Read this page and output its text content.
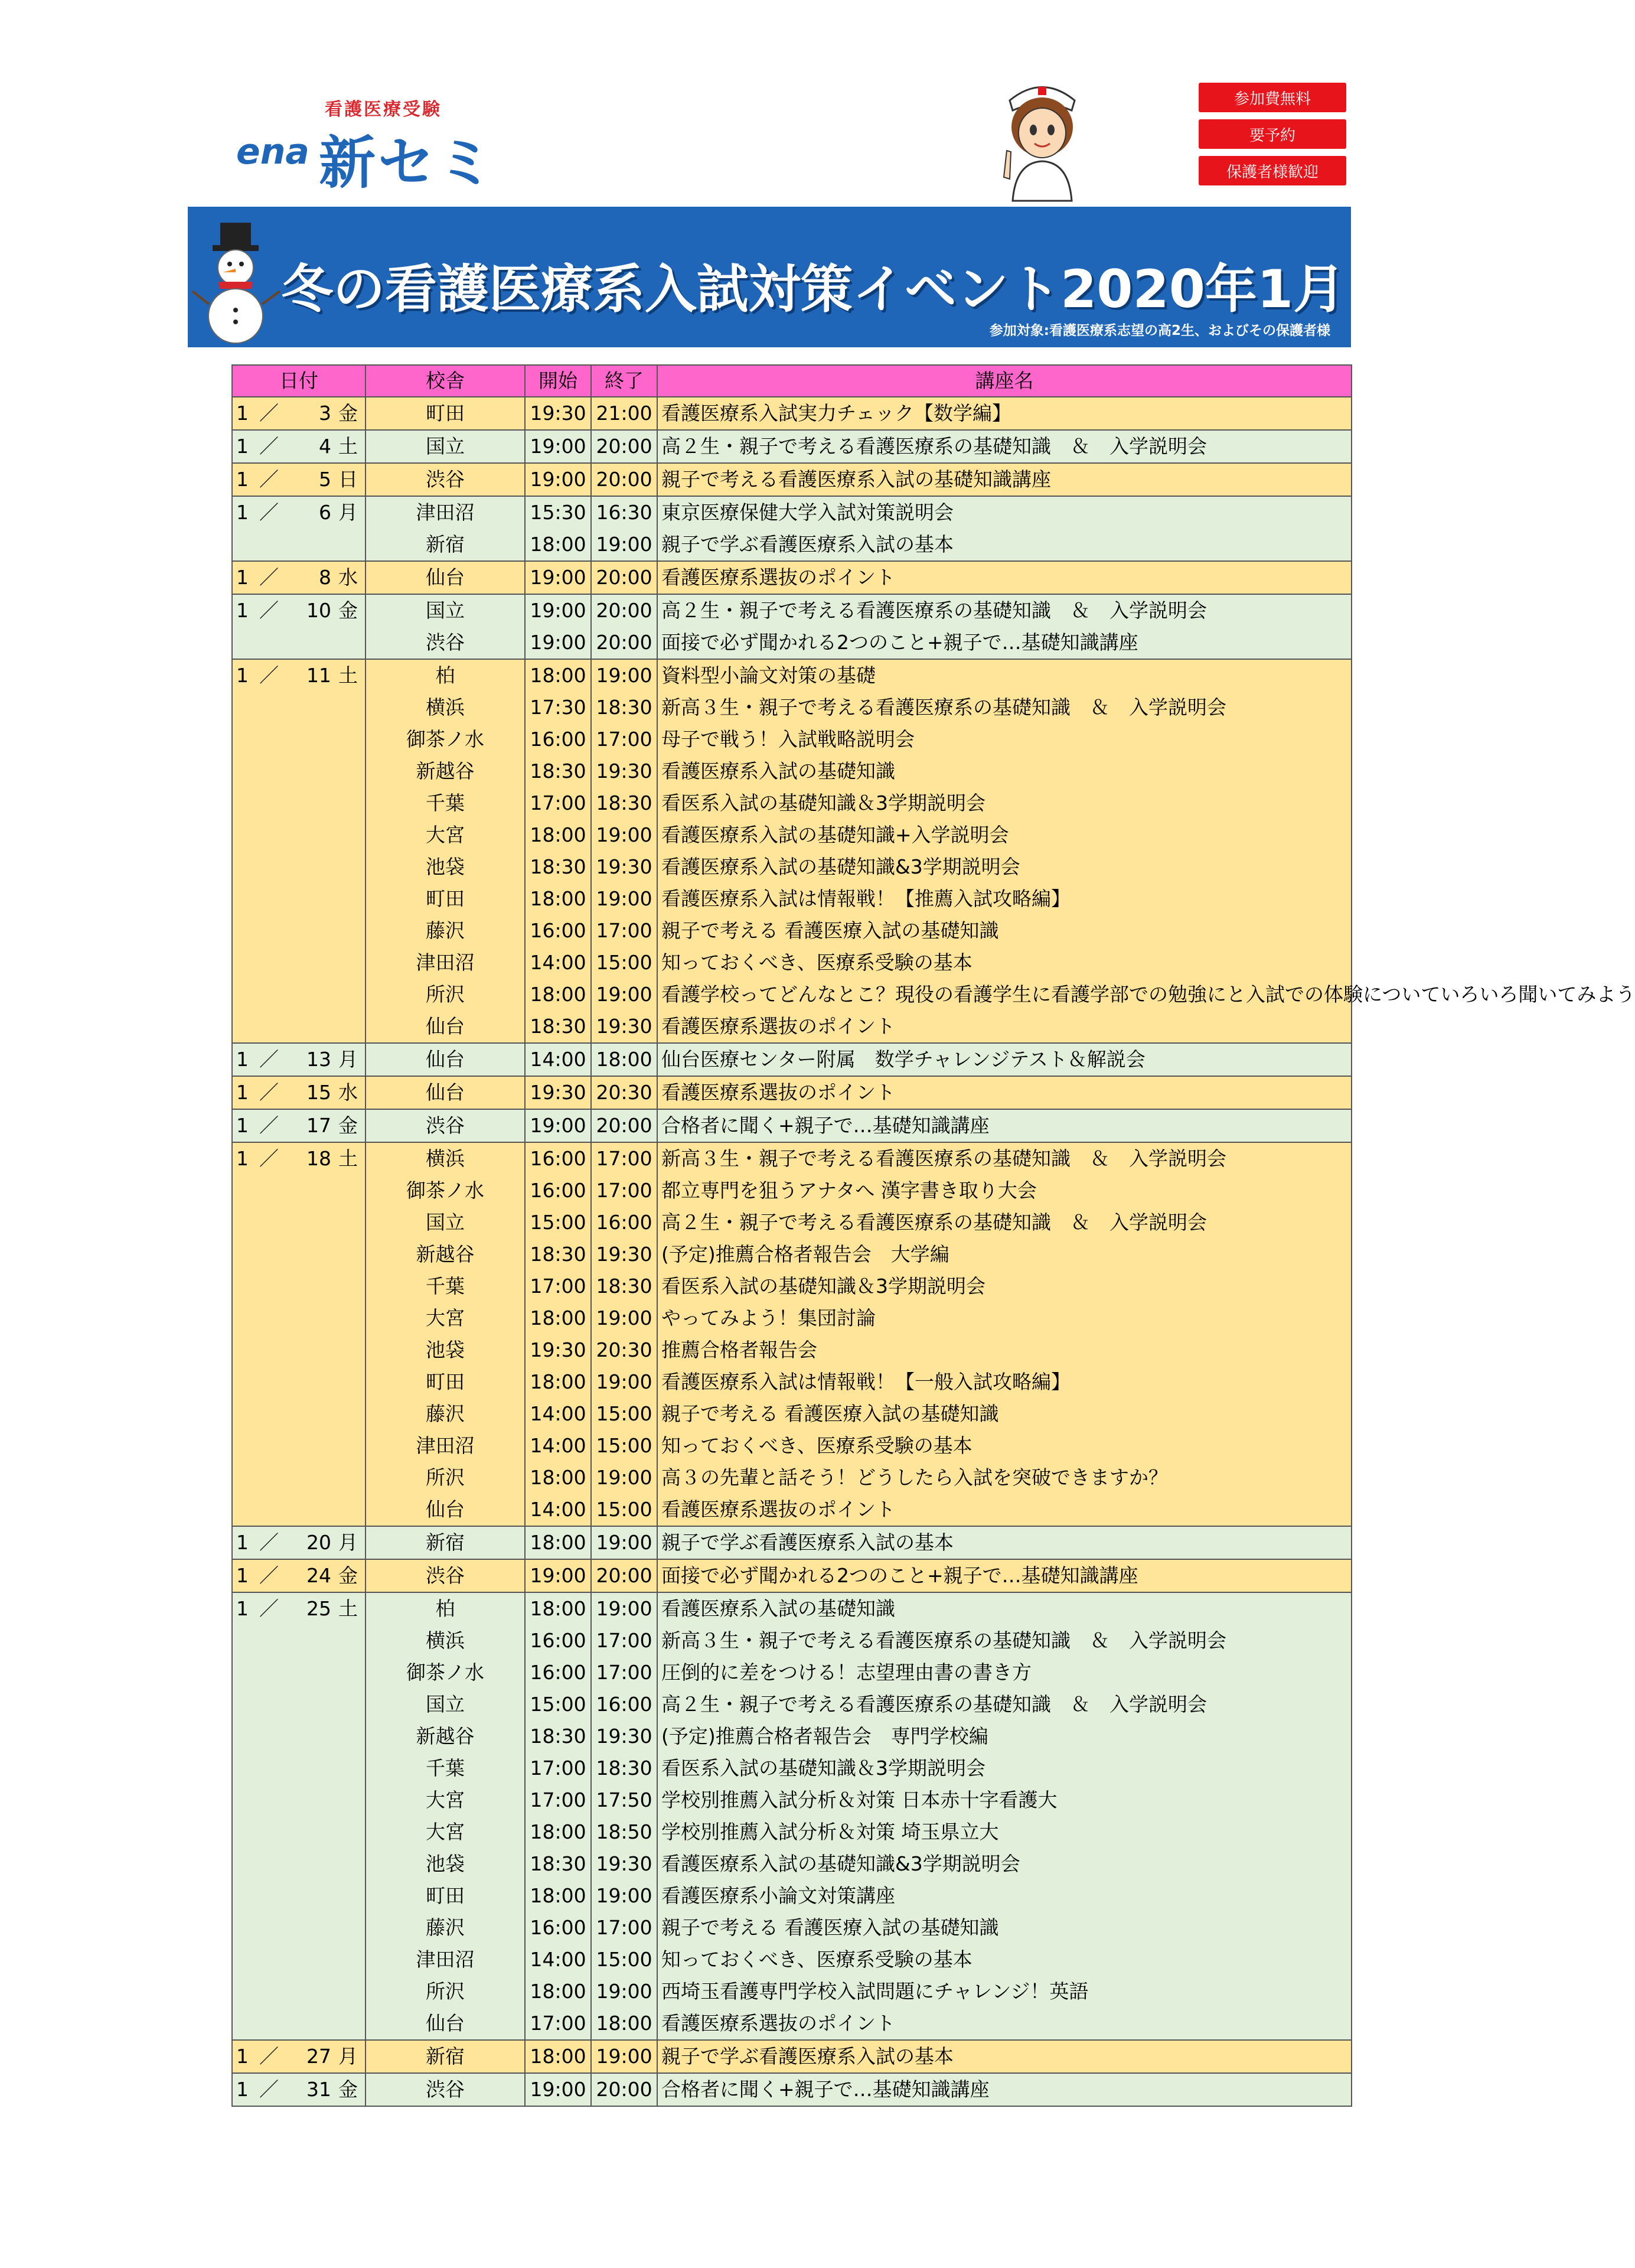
看護医療受験
ena 新セミ
参加費無料
要予約
保護者様歓迎
冬の看護医療系入試対策イベント2020年1月
参加対象:看護医療系志望の高2生、およびその保護者様
日付			校舎	開始	終了	講座名
1 ／	3	金	町田	19:30	21:00	看護医療系入試実力チェック【数学編】
1 ／	4	土	国立	19:00	20:00	高２生・親子で考える看護医療系の基礎知識　＆　入学説明会
1 ／	5	日	渋谷	19:00	20:00	親子で考える看護医療系入試の基礎知識講座
1 ／	6	月	津田沼	15:30	16:30	東京医療保健大学入試対策説明会
			新宿	18:00	19:00	親子で学ぶ看護医療系入試の基本
1 ／	8	水	仙台	19:00	20:00	看護医療系選抜のポイント
1 ／	10	金	国立	19:00	20:00	高２生・親子で考える看護医療系の基礎知識　＆　入学説明会
			渋谷	19:00	20:00	面接で必ず聞かれる2つのこと+親子で…基礎知識講座
1 ／	11	土	柏	18:00	19:00	資料型小論文対策の基礎
			横浜	17:30	18:30	新高３生・親子で考える看護医療系の基礎知識　＆　入学説明会
			御茶ノ水	16:00	17:00	母子で戦う！入試戦略説明会
			新越谷	18:30	19:30	看護医療系入試の基礎知識
			千葉	17:00	18:30	看医系入試の基礎知識＆3学期説明会
			大宮	18:00	19:00	看護医療系入試の基礎知識+入学説明会
			池袋	18:30	19:30	看護医療系入試の基礎知識&3学期説明会
			町田	18:00	19:00	看護医療系入試は情報戦！【推薦入試攻略編】
			藤沢	16:00	17:00	親子で考える 看護医療入試の基礎知識
			津田沼	14:00	15:00	知っておくべき、医療系受験の基本
			所沢	18:00	19:00	看護学校ってどんなとこ？現役の看護学生に看護学部での勉強にと入試での体験についていろいろ聞いてみよう
			仙台	18:30	19:30	看護医療系選抜のポイント
1 ／	13	月	仙台	14:00	18:00	仙台医療センター附属　数学チャレンジテスト＆解説会
1 ／	15	水	仙台	19:30	20:30	看護医療系選抜のポイント
1 ／	17	金	渋谷	19:00	20:00	合格者に聞く+親子で…基礎知識講座
1 ／	18	土	横浜	16:00	17:00	新高３生・親子で考える看護医療系の基礎知識　＆　入学説明会
			御茶ノ水	16:00	17:00	都立専門を狙うアナタへ 漢字書き取り大会
			国立	15:00	16:00	高２生・親子で考える看護医療系の基礎知識　＆　入学説明会
			新越谷	18:30	19:30	(予定)推薦合格者報告会　大学編
			千葉	17:00	18:30	看医系入試の基礎知識＆3学期説明会
			大宮	18:00	19:00	やってみよう！集団討論
			池袋	19:30	20:30	推薦合格者報告会
			町田	18:00	19:00	看護医療系入試は情報戦！【一般入試攻略編】
			藤沢	14:00	15:00	親子で考える 看護医療入試の基礎知識
			津田沼	14:00	15:00	知っておくべき、医療系受験の基本
			所沢	18:00	19:00	高３の先輩と話そう！どうしたら入試を突破できますか？
			仙台	14:00	15:00	看護医療系選抜のポイント
1 ／	20	月	新宿	18:00	19:00	親子で学ぶ看護医療系入試の基本
1 ／	24	金	渋谷	19:00	20:00	面接で必ず聞かれる2つのこと+親子で…基礎知識講座
1 ／	25	土	柏	18:00	19:00	看護医療系入試の基礎知識
			横浜	16:00	17:00	新高３生・親子で考える看護医療系の基礎知識　＆　入学説明会
			御茶ノ水	16:00	17:00	圧倒的に差をつける！志望理由書の書き方
			国立	15:00	16:00	高２生・親子で考える看護医療系の基礎知識　＆　入学説明会
			新越谷	18:30	19:30	(予定)推薦合格者報告会　専門学校編
			千葉	17:00	18:30	看医系入試の基礎知識＆3学期説明会
			大宮	17:00	17:50	学校別推薦入試分析＆対策 日本赤十字看護大
			大宮	18:00	18:50	学校別推薦入試分析＆対策 埼玉県立大
			池袋	18:30	19:30	看護医療系入試の基礎知識&3学期説明会
			町田	18:00	19:00	看護医療系小論文対策講座
			藤沢	16:00	17:00	親子で考える 看護医療入試の基礎知識
			津田沼	14:00	15:00	知っておくべき、医療系受験の基本
			所沢	18:00	19:00	西埼玉看護専門学校入試問題にチャレンジ！英語
			仙台	17:00	18:00	看護医療系選抜のポイント
1 ／	27	月	新宿	18:00	19:00	親子で学ぶ看護医療系入試の基本
1 ／	31	金	渋谷	19:00	20:00	合格者に聞く+親子で…基礎知識講座
